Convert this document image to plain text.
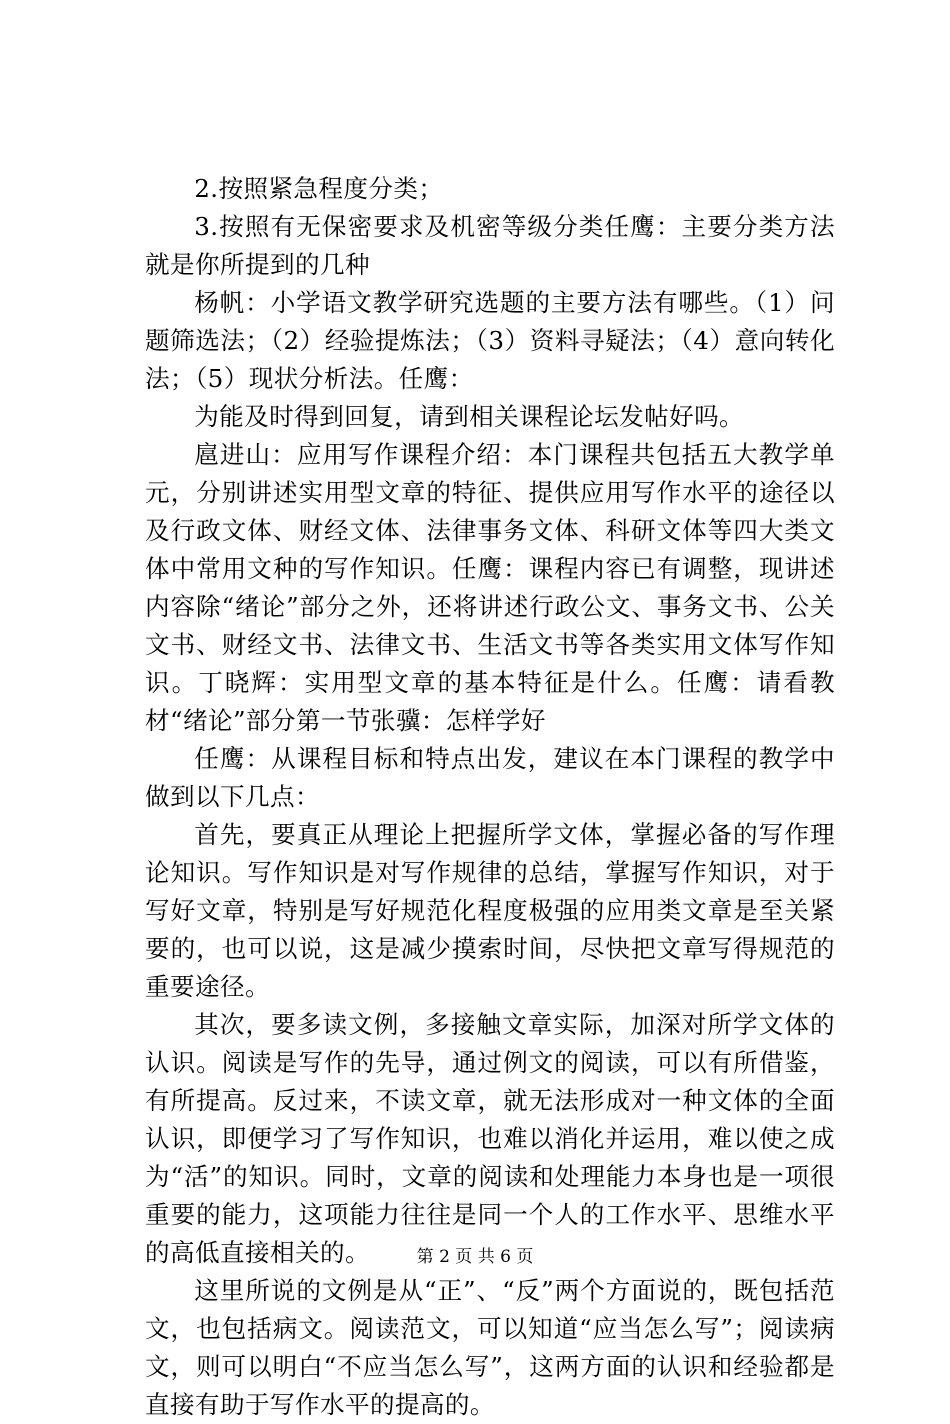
2.按照紧急程度分类；

3.按照有无保密要求及机密等级分类任鹰：主要分类方法就是你所提到的几种

杨帆：小学语文教学研究选题的主要方法有哪些。（1）问题筛选法；（2）经验提炼法；（3）资料寻疑法；（4）意向转化法；（5）现状分析法。任鹰：

为能及时得到回复，请到相关课程论坛发帖好吗。

扈进山：应用写作课程介绍：本门课程共包括五大教学单元，分别讲述实用型文章的特征、提供应用写作水平的途径以及行政文体、财经文体、法律事务文体、科研文体等四大类文体中常用文种的写作知识。任鹰：课程内容已有调整，现讲述内容除“绪论”部分之外，还将讲述行政公文、事务文书、公关文书、财经文书、法律文书、生活文书等各类实用文体写作知识。丁晓辉：实用型文章的基本特征是什么。任鹰：请看教材“绪论”部分第一节张骥：怎样学好

任鹰：从课程目标和特点出发，建议在本门课程的教学中做到以下几点：

首先，要真正从理论上把握所学文体，掌握必备的写作理论知识。写作知识是对写作规律的总结，掌握写作知识，对于写好文章，特别是写好规范化程度极强的应用类文章是至关紧要的，也可以说，这是减少摸索时间，尽快把文章写得规范的重要途径。

其次，要多读文例，多接触文章实际，加深对所学文体的认识。阅读是写作的先导，通过例文的阅读，可以有所借鉴，有所提高。反过来，不读文章，就无法形成对一种文体的全面认识，即便学习了写作知识，也难以消化并运用，难以使之成为“活”的知识。同时，文章的阅读和处理能力本身也是一项很重要的能力，这项能力往往是同一个人的工作水平、思维水平的高低直接相关的。

这里所说的文例是从“正”、“反”两个方面说的，既包括范文，也包括病文。阅读范文，可以知道“应当怎么写”；阅读病文，则可以明白“不应当怎么写”，这两方面的认识和经验都是直接有助于写作水平的提高的。

第 2 页 共 6 页
